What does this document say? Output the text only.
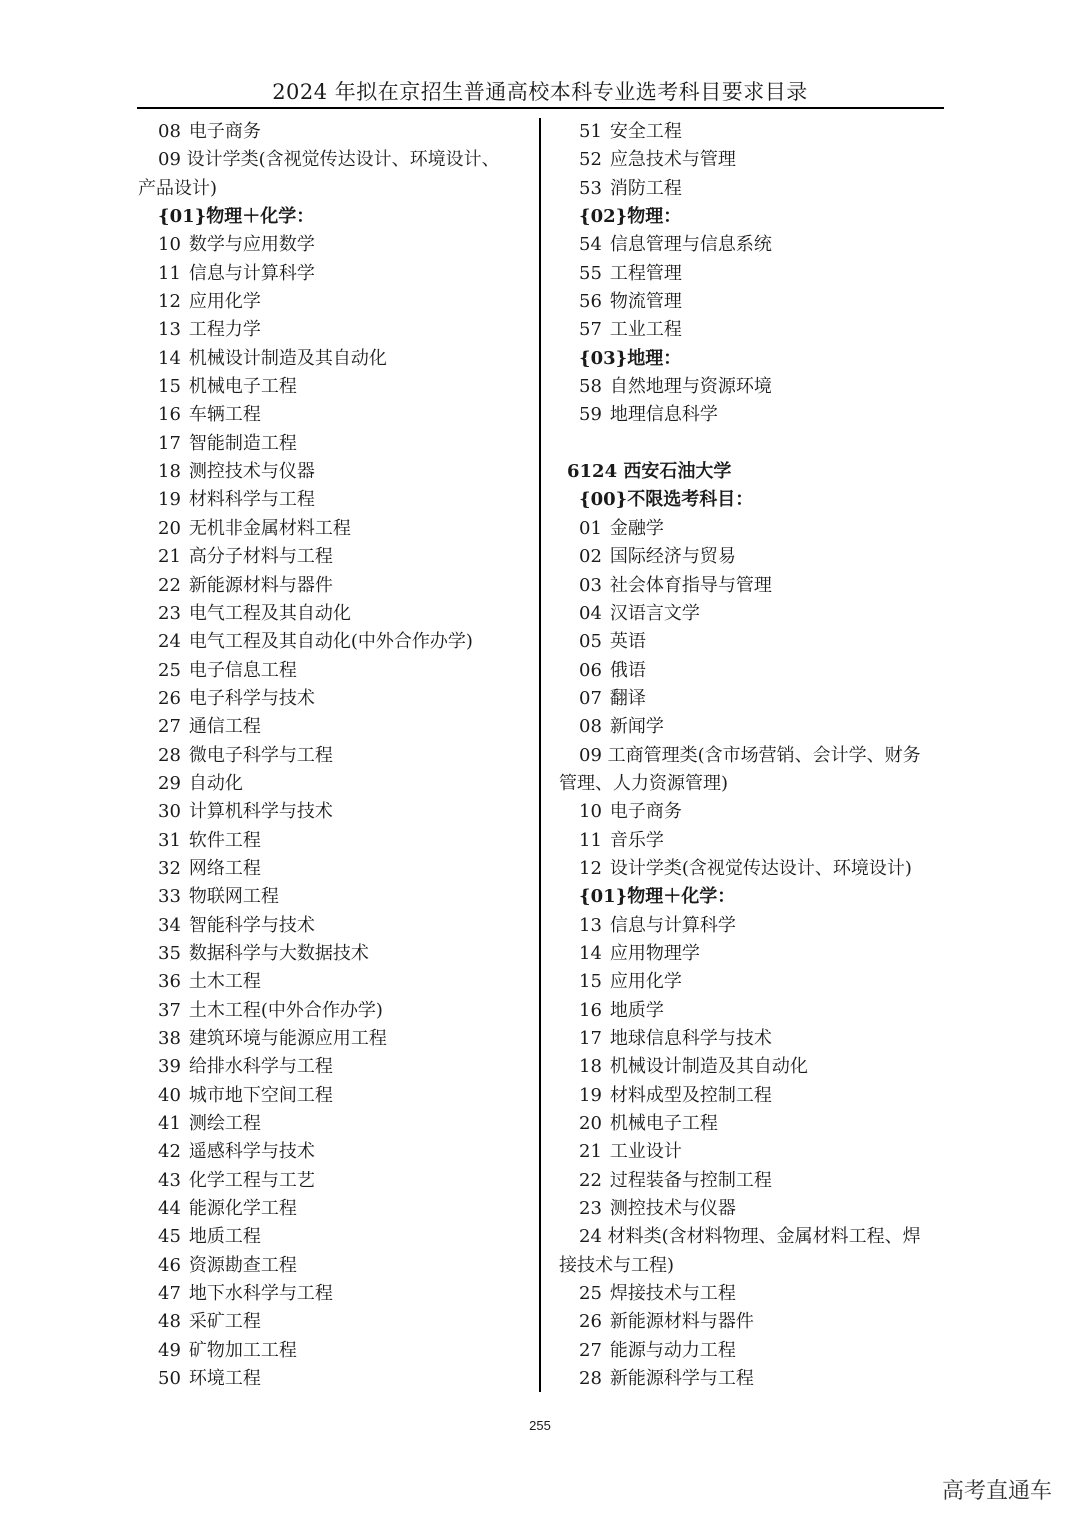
2024 年拟在京招生普通高校本科专业选考科目要求目录
08 电子商务
09 设计学类(含视觉传达设计、环境设计、
产品设计)
{01}物理＋化学：
10 数学与应用数学
11 信息与计算科学
12 应用化学
13 工程力学
14 机械设计制造及其自动化
15 机械电子工程
16 车辆工程
17 智能制造工程
18 测控技术与仪器
19 材料科学与工程
20 无机非金属材料工程
21 高分子材料与工程
22 新能源材料与器件
23 电气工程及其自动化
24 电气工程及其自动化(中外合作办学)
25 电子信息工程
26 电子科学与技术
27 通信工程
28 微电子科学与工程
29 自动化
30 计算机科学与技术
31 软件工程
32 网络工程
33 物联网工程
34 智能科学与技术
35 数据科学与大数据技术
36 土木工程
37 土木工程(中外合作办学)
38 建筑环境与能源应用工程
39 给排水科学与工程
40 城市地下空间工程
41 测绘工程
42 遥感科学与技术
43 化学工程与工艺
44 能源化学工程
45 地质工程
46 资源勘查工程
47 地下水科学与工程
48 采矿工程
49 矿物加工工程
50 环境工程
51 安全工程
52 应急技术与管理
53 消防工程
{02}物理：
54 信息管理与信息系统
55 工程管理
56 物流管理
57 工业工程
{03}地理：
58 自然地理与资源环境
59 地理信息科学
6124 西安石油大学
{00}不限选考科目：
01 金融学
02 国际经济与贸易
03 社会体育指导与管理
04 汉语言文学
05 英语
06 俄语
07 翻译
08 新闻学
09 工商管理类(含市场营销、会计学、财务
管理、人力资源管理)
10 电子商务
11 音乐学
12 设计学类(含视觉传达设计、环境设计)
{01}物理＋化学：
13 信息与计算科学
14 应用物理学
15 应用化学
16 地质学
17 地球信息科学与技术
18 机械设计制造及其自动化
19 材料成型及控制工程
20 机械电子工程
21 工业设计
22 过程装备与控制工程
23 测控技术与仪器
24 材料类(含材料物理、金属材料工程、焊
接技术与工程)
25 焊接技术与工程
26 新能源材料与器件
27 能源与动力工程
28 新能源科学与工程
255
高考直通车
